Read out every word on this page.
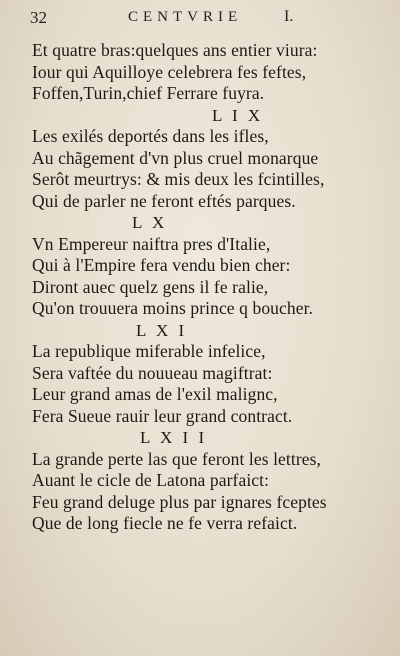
32	CENTVRIE	I.
Et quatre bras:quelques ans entier viura:
Iour qui Aquilloye celebrera fes feftes,
Foffen,Turin,chief Ferrare fuyra.
L I X
Les exilés deportés dans les ifles,
Au chãgement d'vn plus cruel monarque
Serôt meurtrys: & mis deux les fcintilles,
Qui de parler ne feront eftés parques.
L X
Vn Empereur naiftra pres d'Italie,
Qui à l'Empire fera vendu bien cher:
Diront auec quelz gens il fe ralie,
Qu'on trouuera moins prince q boucher.
L X I
La republique miferable infelice,
Sera vaftée du nouueau magiftrat:
Leur grand amas de l'exil malignc,
Fera Sueue rauir leur grand contract.
L X I I
La grande perte las que feront les lettres,
Auant le cicle de Latona parfaict:
Feu grand deluge plus par ignares fceptes
Que de long fiecle ne fe verra refaict.
